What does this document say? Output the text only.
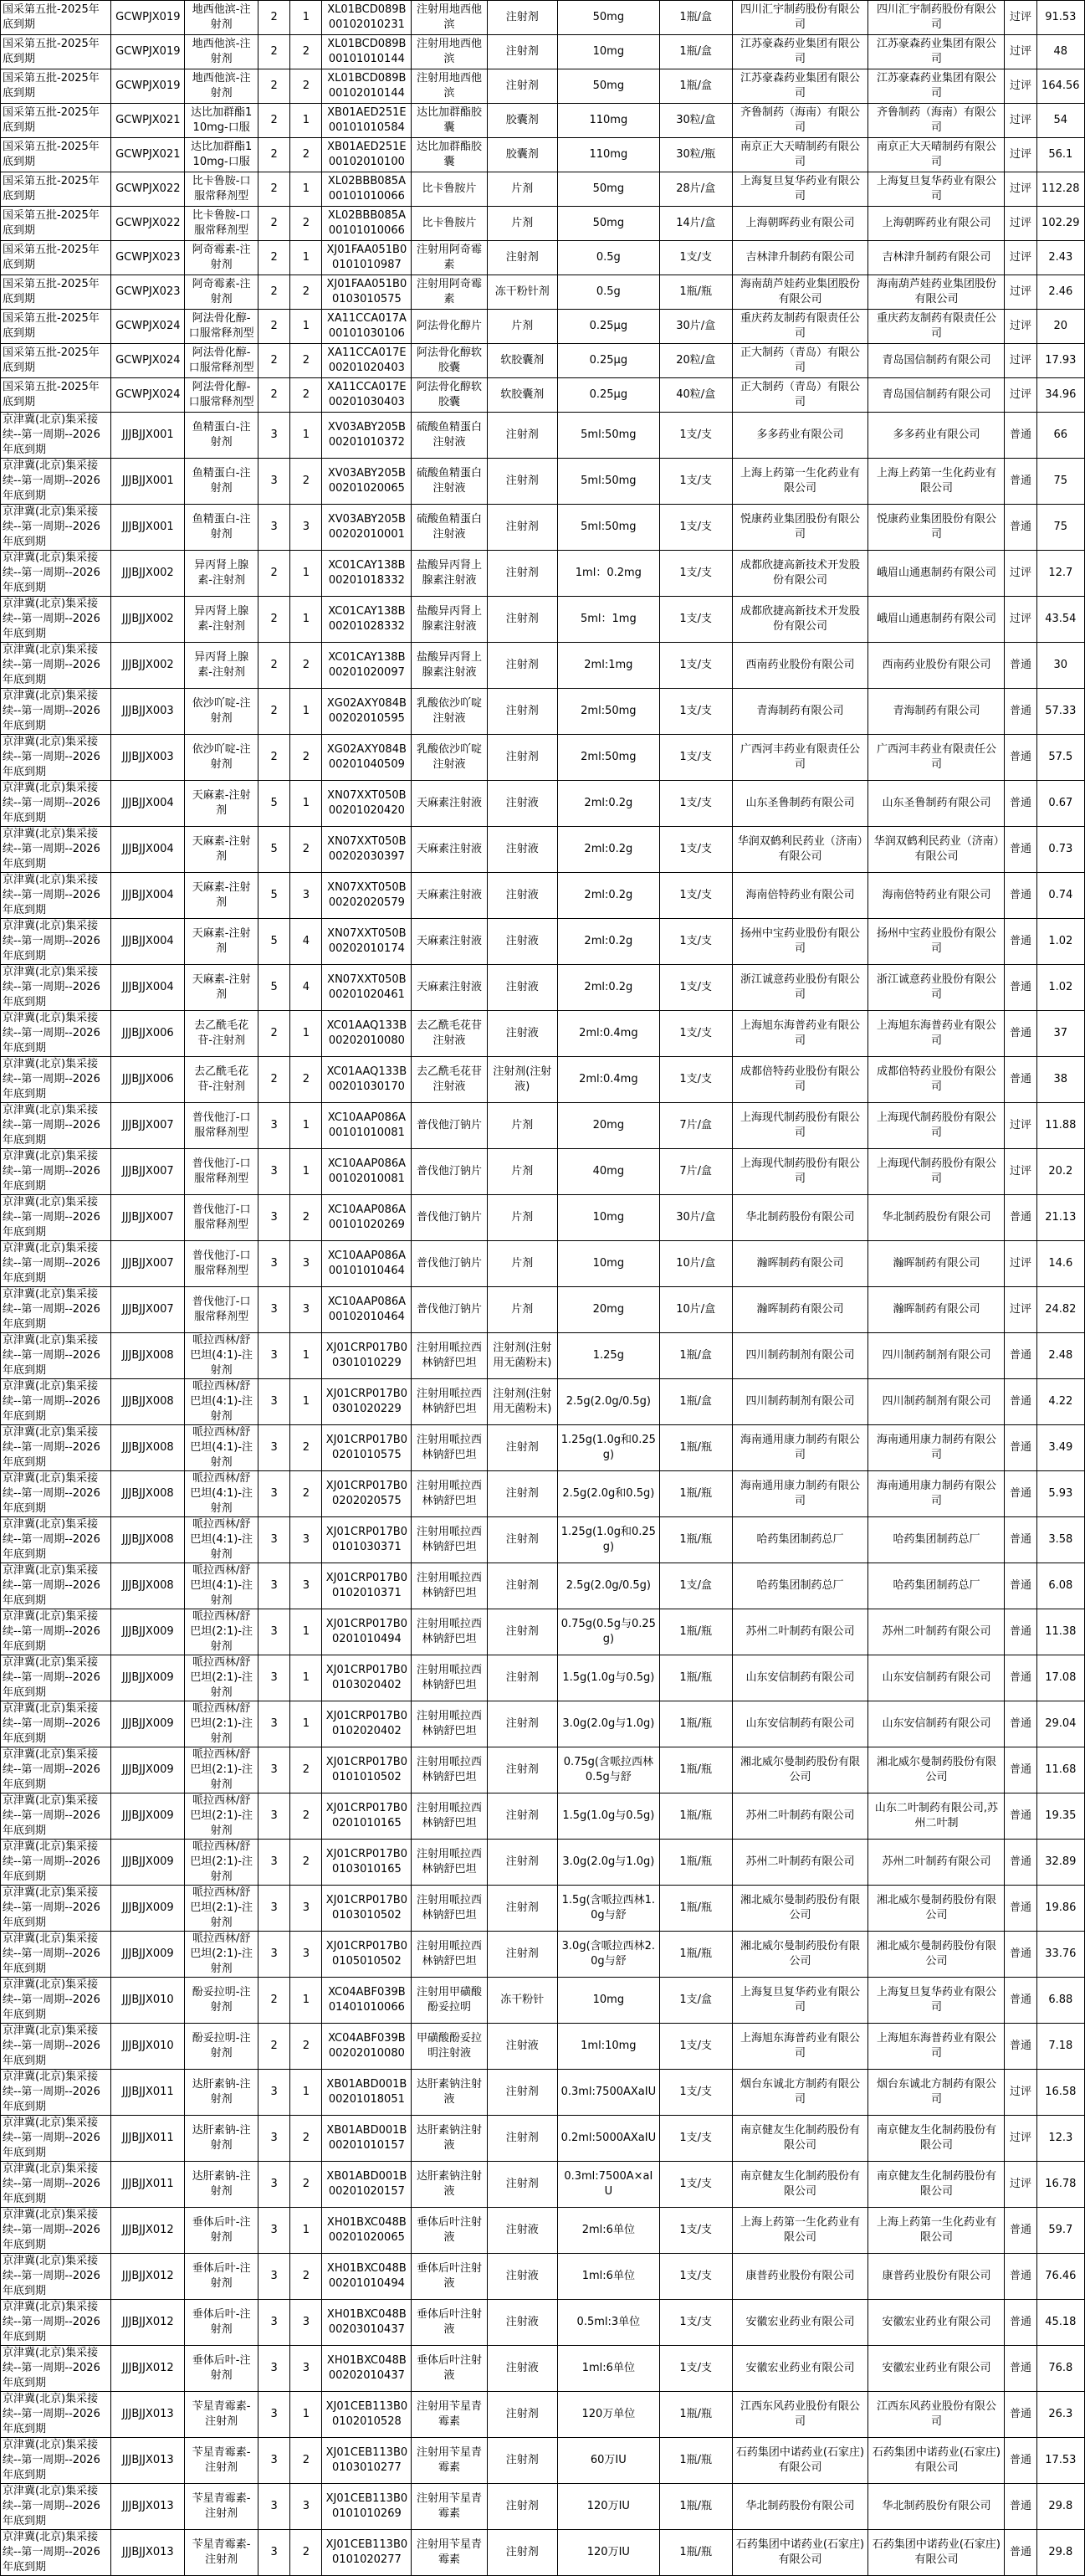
国采第五批-2025年底到期	GCWPJX019	地西他滨-注射剂	2	1	XL01BCD089B00102010231	注射用地西他滨	注射剂	50mg	1瓶/盒	四川汇宇制药股份有限公司	四川汇宇制药股份有限公司	过评	91.53
国采第五批-2025年底到期	GCWPJX019	地西他滨-注射剂	2	2	XL01BCD089B00101010144	注射用地西他滨	注射剂	10mg	1瓶/盒	江苏豪森药业集团有限公司	江苏豪森药业集团有限公司	过评	48
国采第五批-2025年底到期	GCWPJX019	地西他滨-注射剂	2	2	XL01BCD089B00102010144	注射用地西他滨	注射剂	50mg	1瓶/盒	江苏豪森药业集团有限公司	江苏豪森药业集团有限公司	过评	164.56
国采第五批-2025年底到期	GCWPJX021	达比加群酯110mg-口服	2	1	XB01AED251E00101010584	达比加群酯胶囊	胶囊剂	110mg	30粒/盒	齐鲁制药（海南）有限公司	齐鲁制药（海南）有限公司	过评	54
国采第五批-2025年底到期	GCWPJX021	达比加群酯110mg-口服	2	2	XB01AED251E00102010100	达比加群酯胶囊	胶囊剂	110mg	30粒/瓶	南京正大天晴制药有限公司	南京正大天晴制药有限公司	过评	56.1
国采第五批-2025年底到期	GCWPJX022	比卡鲁胺-口服常释剂型	2	1	XL02BBB085A00101010066	比卡鲁胺片	片剂	50mg	28片/盒	上海复旦复华药业有限公司	上海复旦复华药业有限公司	过评	112.28
国采第五批-2025年底到期	GCWPJX022	比卡鲁胺-口服常释剂型	2	2	XL02BBB085A00101010066	比卡鲁胺片	片剂	50mg	14片/盒	上海朝晖药业有限公司	上海朝晖药业有限公司	过评	102.29
国采第五批-2025年底到期	GCWPJX023	阿奇霉素-注射剂	2	1	XJ01FAA051B00101010987	注射用阿奇霉素	注射剂	0.5g	1支/支	吉林津升制药有限公司	吉林津升制药有限公司	过评	2.43
国采第五批-2025年底到期	GCWPJX023	阿奇霉素-注射剂	2	2	XJ01FAA051B00103010575	注射用阿奇霉素	冻干粉针剂	0.5g	1瓶/瓶	海南葫芦娃药业集团股份有限公司	海南葫芦娃药业集团股份有限公司	过评	2.46
国采第五批-2025年底到期	GCWPJX024	阿法骨化醇-口服常释剂型	2	1	XA11CCA017A00101030106	阿法骨化醇片	片剂	0.25μg	30片/盒	重庆药友制药有限责任公司	重庆药友制药有限责任公司	过评	20
国采第五批-2025年底到期	GCWPJX024	阿法骨化醇-口服常释剂型	2	2	XA11CCA017E00201020403	阿法骨化醇软胶囊	软胶囊剂	0.25μg	20粒/盒	正大制药（青岛）有限公司	青岛国信制药有限公司	过评	17.93
国采第五批-2025年底到期	GCWPJX024	阿法骨化醇-口服常释剂型	2	2	XA11CCA017E00201030403	阿法骨化醇软胶囊	软胶囊剂	0.25μg	40粒/盒	正大制药（青岛）有限公司	青岛国信制药有限公司	过评	34.96
京津冀(北京)集采接续--第一周期--2026年底到期	JJJBJJX001	鱼精蛋白-注射剂	3	1	XV03ABY205B00201010372	硫酸鱼精蛋白注射液	注射剂	5ml:50mg	1支/支	多多药业有限公司	多多药业有限公司	普通	66
京津冀(北京)集采接续--第一周期--2026年底到期	JJJBJJX001	鱼精蛋白-注射剂	3	2	XV03ABY205B00201020065	硫酸鱼精蛋白注射液	注射剂	5ml:50mg	1支/支	上海上药第一生化药业有限公司	上海上药第一生化药业有限公司	普通	75
京津冀(北京)集采接续--第一周期--2026年底到期	JJJBJJX001	鱼精蛋白-注射剂	3	3	XV03ABY205B00202010001	硫酸鱼精蛋白注射液	注射剂	5ml:50mg	1支/支	悦康药业集团股份有限公司	悦康药业集团股份有限公司	普通	75
京津冀(北京)集采接续--第一周期--2026年底到期	JJJBJJX002	异丙肾上腺素-注射剂	2	1	XC01CAY138B00201018332	盐酸异丙肾上腺素注射液	注射剂	1ml：0.2mg	1支/支	成都欣捷高新技术开发股份有限公司	峨眉山通惠制药有限公司	过评	12.7
京津冀(北京)集采接续--第一周期--2026年底到期	JJJBJJX002	异丙肾上腺素-注射剂	2	1	XC01CAY138B00201028332	盐酸异丙肾上腺素注射液	注射剂	5ml：1mg	1支/支	成都欣捷高新技术开发股份有限公司	峨眉山通惠制药有限公司	过评	43.54
京津冀(北京)集采接续--第一周期--2026年底到期	JJJBJJX002	异丙肾上腺素-注射剂	2	2	XC01CAY138B00201020097	盐酸异丙肾上腺素注射液	注射剂	2ml:1mg	1支/支	西南药业股份有限公司	西南药业股份有限公司	普通	30
京津冀(北京)集采接续--第一周期--2026年底到期	JJJBJJX003	依沙吖啶-注射剂	2	1	XG02AXY084B00202010595	乳酸依沙吖啶注射液	注射剂	2ml:50mg	1支/支	青海制药有限公司	青海制药有限公司	普通	57.33
京津冀(北京)集采接续--第一周期--2026年底到期	JJJBJJX003	依沙吖啶-注射剂	2	2	XG02AXY084B00201040509	乳酸依沙吖啶注射液	注射剂	2ml:50mg	1支/支	广西河丰药业有限责任公司	广西河丰药业有限责任公司	普通	57.5
京津冀(北京)集采接续--第一周期--2026年底到期	JJJBJJX004	天麻素-注射剂	5	1	XN07XXT050B00201020420	天麻素注射液	注射液	2ml:0.2g	1支/支	山东圣鲁制药有限公司	山东圣鲁制药有限公司	普通	0.67
京津冀(北京)集采接续--第一周期--2026年底到期	JJJBJJX004	天麻素-注射剂	5	2	XN07XXT050B00202030397	天麻素注射液	注射液	2ml:0.2g	1支/支	华润双鹤利民药业（济南）有限公司	华润双鹤利民药业（济南）有限公司	普通	0.73
京津冀(北京)集采接续--第一周期--2026年底到期	JJJBJJX004	天麻素-注射剂	5	3	XN07XXT050B00202020579	天麻素注射液	注射液	2ml:0.2g	1支/支	海南倍特药业有限公司	海南倍特药业有限公司	普通	0.74
京津冀(北京)集采接续--第一周期--2026年底到期	JJJBJJX004	天麻素-注射剂	5	4	XN07XXT050B00202010174	天麻素注射液	注射液	2ml:0.2g	1支/支	扬州中宝药业股份有限公司	扬州中宝药业股份有限公司	普通	1.02
京津冀(北京)集采接续--第一周期--2026年底到期	JJJBJJX004	天麻素-注射剂	5	4	XN07XXT050B00201020461	天麻素注射液	注射液	2ml:0.2g	1支/支	浙江诚意药业股份有限公司	浙江诚意药业股份有限公司	普通	1.02
京津冀(北京)集采接续--第一周期--2026年底到期	JJJBJJX006	去乙酰毛花苷-注射剂	2	1	XC01AAQ133B00202010080	去乙酰毛花苷注射液	注射液	2ml:0.4mg	1支/支	上海旭东海普药业有限公司	上海旭东海普药业有限公司	普通	37
京津冀(北京)集采接续--第一周期--2026年底到期	JJJBJJX006	去乙酰毛花苷-注射剂	2	2	XC01AAQ133B00201030170	去乙酰毛花苷注射液	注射剂(注射液)	2ml:0.4mg	1支/支	成都倍特药业股份有限公司	成都倍特药业股份有限公司	普通	38
京津冀(北京)集采接续--第一周期--2026年底到期	JJJBJJX007	普伐他汀-口服常释剂型	3	1	XC10AAP086A00101010081	普伐他汀钠片	片剂	20mg	7片/盒	上海现代制药股份有限公司	上海现代制药股份有限公司	过评	11.88
京津冀(北京)集采接续--第一周期--2026年底到期	JJJBJJX007	普伐他汀-口服常释剂型	3	1	XC10AAP086A00102010081	普伐他汀钠片	片剂	40mg	7片/盒	上海现代制药股份有限公司	上海现代制药股份有限公司	过评	20.2
京津冀(北京)集采接续--第一周期--2026年底到期	JJJBJJX007	普伐他汀-口服常释剂型	3	2	XC10AAP086A00101020269	普伐他汀钠片	片剂	10mg	30片/盒	华北制药股份有限公司	华北制药股份有限公司	普通	21.13
京津冀(北京)集采接续--第一周期--2026年底到期	JJJBJJX007	普伐他汀-口服常释剂型	3	3	XC10AAP086A00101010464	普伐他汀钠片	片剂	10mg	10片/盒	瀚晖制药有限公司	瀚晖制药有限公司	过评	14.6
京津冀(北京)集采接续--第一周期--2026年底到期	JJJBJJX007	普伐他汀-口服常释剂型	3	3	XC10AAP086A00102010464	普伐他汀钠片	片剂	20mg	10片/盒	瀚晖制药有限公司	瀚晖制药有限公司	过评	24.82
京津冀(北京)集采接续--第一周期--2026年底到期	JJJBJJX008	哌拉西林/舒巴坦(4:1)-注射剂	3	1	XJ01CRP017B00301010229	注射用哌拉西林钠舒巴坦	注射剂(注射用无菌粉末)	1.25g	1瓶/盒	四川制药制剂有限公司	四川制药制剂有限公司	普通	2.48
京津冀(北京)集采接续--第一周期--2026年底到期	JJJBJJX008	哌拉西林/舒巴坦(4:1)-注射剂	3	1	XJ01CRP017B00301020229	注射用哌拉西林钠舒巴坦	注射剂(注射用无菌粉末)	2.5g(2.0g/0.5g)	1瓶/盒	四川制药制剂有限公司	四川制药制剂有限公司	普通	4.22
京津冀(北京)集采接续--第一周期--2026年底到期	JJJBJJX008	哌拉西林/舒巴坦(4:1)-注射剂	3	2	XJ01CRP017B00201010575	注射用哌拉西林钠舒巴坦	注射剂	1.25g(1.0g和0.25g)	1瓶/瓶	海南通用康力制药有限公司	海南通用康力制药有限公司	普通	3.49
京津冀(北京)集采接续--第一周期--2026年底到期	JJJBJJX008	哌拉西林/舒巴坦(4:1)-注射剂	3	2	XJ01CRP017B00202020575	注射用哌拉西林钠舒巴坦	注射剂	2.5g(2.0g和0.5g)	1瓶/瓶	海南通用康力制药有限公司	海南通用康力制药有限公司	普通	5.93
京津冀(北京)集采接续--第一周期--2026年底到期	JJJBJJX008	哌拉西林/舒巴坦(4:1)-注射剂	3	3	XJ01CRP017B00101030371	注射用哌拉西林钠舒巴坦	注射剂	1.25g(1.0g和0.25g)	1瓶/瓶	哈药集团制药总厂	哈药集团制药总厂	普通	3.58
京津冀(北京)集采接续--第一周期--2026年底到期	JJJBJJX008	哌拉西林/舒巴坦(4:1)-注射剂	3	3	XJ01CRP017B00102010371	注射用哌拉西林钠舒巴坦	注射剂	2.5g(2.0g/0.5g)	1支/盒	哈药集团制药总厂	哈药集团制药总厂	普通	6.08
京津冀(北京)集采接续--第一周期--2026年底到期	JJJBJJX009	哌拉西林/舒巴坦(2:1)-注射剂	3	1	XJ01CRP017B00201010494	注射用哌拉西林钠舒巴坦	注射剂	0.75g(0.5g与0.25g)	1瓶/瓶	苏州二叶制药有限公司	苏州二叶制药有限公司	普通	11.38
京津冀(北京)集采接续--第一周期--2026年底到期	JJJBJJX009	哌拉西林/舒巴坦(2:1)-注射剂	3	1	XJ01CRP017B00103020402	注射用哌拉西林钠舒巴坦	注射剂	1.5g(1.0g与0.5g)	1瓶/瓶	山东安信制药有限公司	山东安信制药有限公司	普通	17.08
京津冀(北京)集采接续--第一周期--2026年底到期	JJJBJJX009	哌拉西林/舒巴坦(2:1)-注射剂	3	1	XJ01CRP017B00102020402	注射用哌拉西林钠舒巴坦	注射剂	3.0g(2.0g与1.0g)	1瓶/瓶	山东安信制药有限公司	山东安信制药有限公司	普通	29.04
京津冀(北京)集采接续--第一周期--2026年底到期	JJJBJJX009	哌拉西林/舒巴坦(2:1)-注射剂	3	2	XJ01CRP017B00101010502	注射用哌拉西林钠舒巴坦	注射剂	0.75g(含哌拉西林0.5g与舒	1瓶/瓶	湘北威尔曼制药股份有限公司	湘北威尔曼制药股份有限公司	普通	11.68
京津冀(北京)集采接续--第一周期--2026年底到期	JJJBJJX009	哌拉西林/舒巴坦(2:1)-注射剂	3	2	XJ01CRP017B00201010165	注射用哌拉西林钠舒巴坦	注射剂	1.5g(1.0g与0.5g)	1瓶/瓶	苏州二叶制药有限公司	山东二叶制药有限公司,苏州二叶制	普通	19.35
京津冀(北京)集采接续--第一周期--2026年底到期	JJJBJJX009	哌拉西林/舒巴坦(2:1)-注射剂	3	2	XJ01CRP017B00103010165	注射用哌拉西林钠舒巴坦	注射剂	3.0g(2.0g与1.0g)	1瓶/瓶	苏州二叶制药有限公司	苏州二叶制药有限公司	普通	32.89
京津冀(北京)集采接续--第一周期--2026年底到期	JJJBJJX009	哌拉西林/舒巴坦(2:1)-注射剂	3	3	XJ01CRP017B00103010502	注射用哌拉西林钠舒巴坦	注射剂	1.5g(含哌拉西林1.0g与舒	1瓶/瓶	湘北威尔曼制药股份有限公司	湘北威尔曼制药股份有限公司	普通	19.86
京津冀(北京)集采接续--第一周期--2026年底到期	JJJBJJX009	哌拉西林/舒巴坦(2:1)-注射剂	3	3	XJ01CRP017B00105010502	注射用哌拉西林钠舒巴坦	注射剂	3.0g(含哌拉西林2.0g与舒	1瓶/瓶	湘北威尔曼制药股份有限公司	湘北威尔曼制药股份有限公司	普通	33.76
京津冀(北京)集采接续--第一周期--2026年底到期	JJJBJJX010	酚妥拉明-注射剂	2	1	XC04ABF039B01401010066	注射用甲磺酸酚妥拉明	冻干粉针	10mg	1支/盒	上海复旦复华药业有限公司	上海复旦复华药业有限公司	普通	6.88
京津冀(北京)集采接续--第一周期--2026年底到期	JJJBJJX010	酚妥拉明-注射剂	2	2	XC04ABF039B00202010080	甲磺酸酚妥拉明注射液	注射液	1ml:10mg	1支/支	上海旭东海普药业有限公司	上海旭东海普药业有限公司	普通	7.18
京津冀(北京)集采接续--第一周期--2026年底到期	JJJBJJX011	达肝素钠-注射剂	3	1	XB01ABD001B00201018051	达肝素钠注射液	注射剂	0.3ml:7500AXaIU	1支/支	烟台东诚北方制药有限公司	烟台东诚北方制药有限公司	过评	16.58
京津冀(北京)集采接续--第一周期--2026年底到期	JJJBJJX011	达肝素钠-注射剂	3	2	XB01ABD001B00201010157	达肝素钠注射液	注射剂	0.2ml:5000AXaIU	1支/支	南京健友生化制药股份有限公司	南京健友生化制药股份有限公司	过评	12.3
京津冀(北京)集采接续--第一周期--2026年底到期	JJJBJJX011	达肝素钠-注射剂	3	2	XB01ABD001B00201020157	达肝素钠注射液	注射剂	0.3ml:7500A×aIU	1支/支	南京健友生化制药股份有限公司	南京健友生化制药股份有限公司	过评	16.78
京津冀(北京)集采接续--第一周期--2026年底到期	JJJBJJX012	垂体后叶-注射剂	3	1	XH01BXC048B00201020065	垂体后叶注射液	注射液	2ml:6单位	1支/支	上海上药第一生化药业有限公司	上海上药第一生化药业有限公司	普通	59.7
京津冀(北京)集采接续--第一周期--2026年底到期	JJJBJJX012	垂体后叶-注射剂	3	2	XH01BXC048B00201010494	垂体后叶注射液	注射液	1ml:6单位	1支/支	康普药业股份有限公司	康普药业股份有限公司	普通	76.46
京津冀(北京)集采接续--第一周期--2026年底到期	JJJBJJX012	垂体后叶-注射剂	3	3	XH01BXC048B00203010437	垂体后叶注射液	注射液	0.5ml:3单位	1支/支	安徽宏业药业有限公司	安徽宏业药业有限公司	普通	45.18
京津冀(北京)集采接续--第一周期--2026年底到期	JJJBJJX012	垂体后叶-注射剂	3	3	XH01BXC048B00202010437	垂体后叶注射液	注射液	1ml:6单位	1支/支	安徽宏业药业有限公司	安徽宏业药业有限公司	普通	76.8
京津冀(北京)集采接续--第一周期--2026年底到期	JJJBJJX013	苄星青霉素-注射剂	3	1	XJ01CEB113B00102010528	注射用苄星青霉素	注射剂	120万单位	1瓶/瓶	江西东风药业股份有限公司	江西东风药业股份有限公司	普通	26.3
京津冀(北京)集采接续--第一周期--2026年底到期	JJJBJJX013	苄星青霉素-注射剂	3	2	XJ01CEB113B00103010277	注射用苄星青霉素	注射剂	60万IU	1瓶/瓶	石药集团中诺药业(石家庄)有限公司	石药集团中诺药业(石家庄)有限公司	普通	17.53
京津冀(北京)集采接续--第一周期--2026年底到期	JJJBJJX013	苄星青霉素-注射剂	3	3	XJ01CEB113B00101010269	注射用苄星青霉素	注射剂	120万IU	1瓶/瓶	华北制药股份有限公司	华北制药股份有限公司	普通	29.8
京津冀(北京)集采接续--第一周期--2026年底到期	JJJBJJX013	苄星青霉素-注射剂	3	2	XJ01CEB113B00101020277	注射用苄星青霉素	注射剂	120万IU	1瓶/瓶	石药集团中诺药业(石家庄)有限公司	石药集团中诺药业(石家庄)有限公司	普通	29.8
